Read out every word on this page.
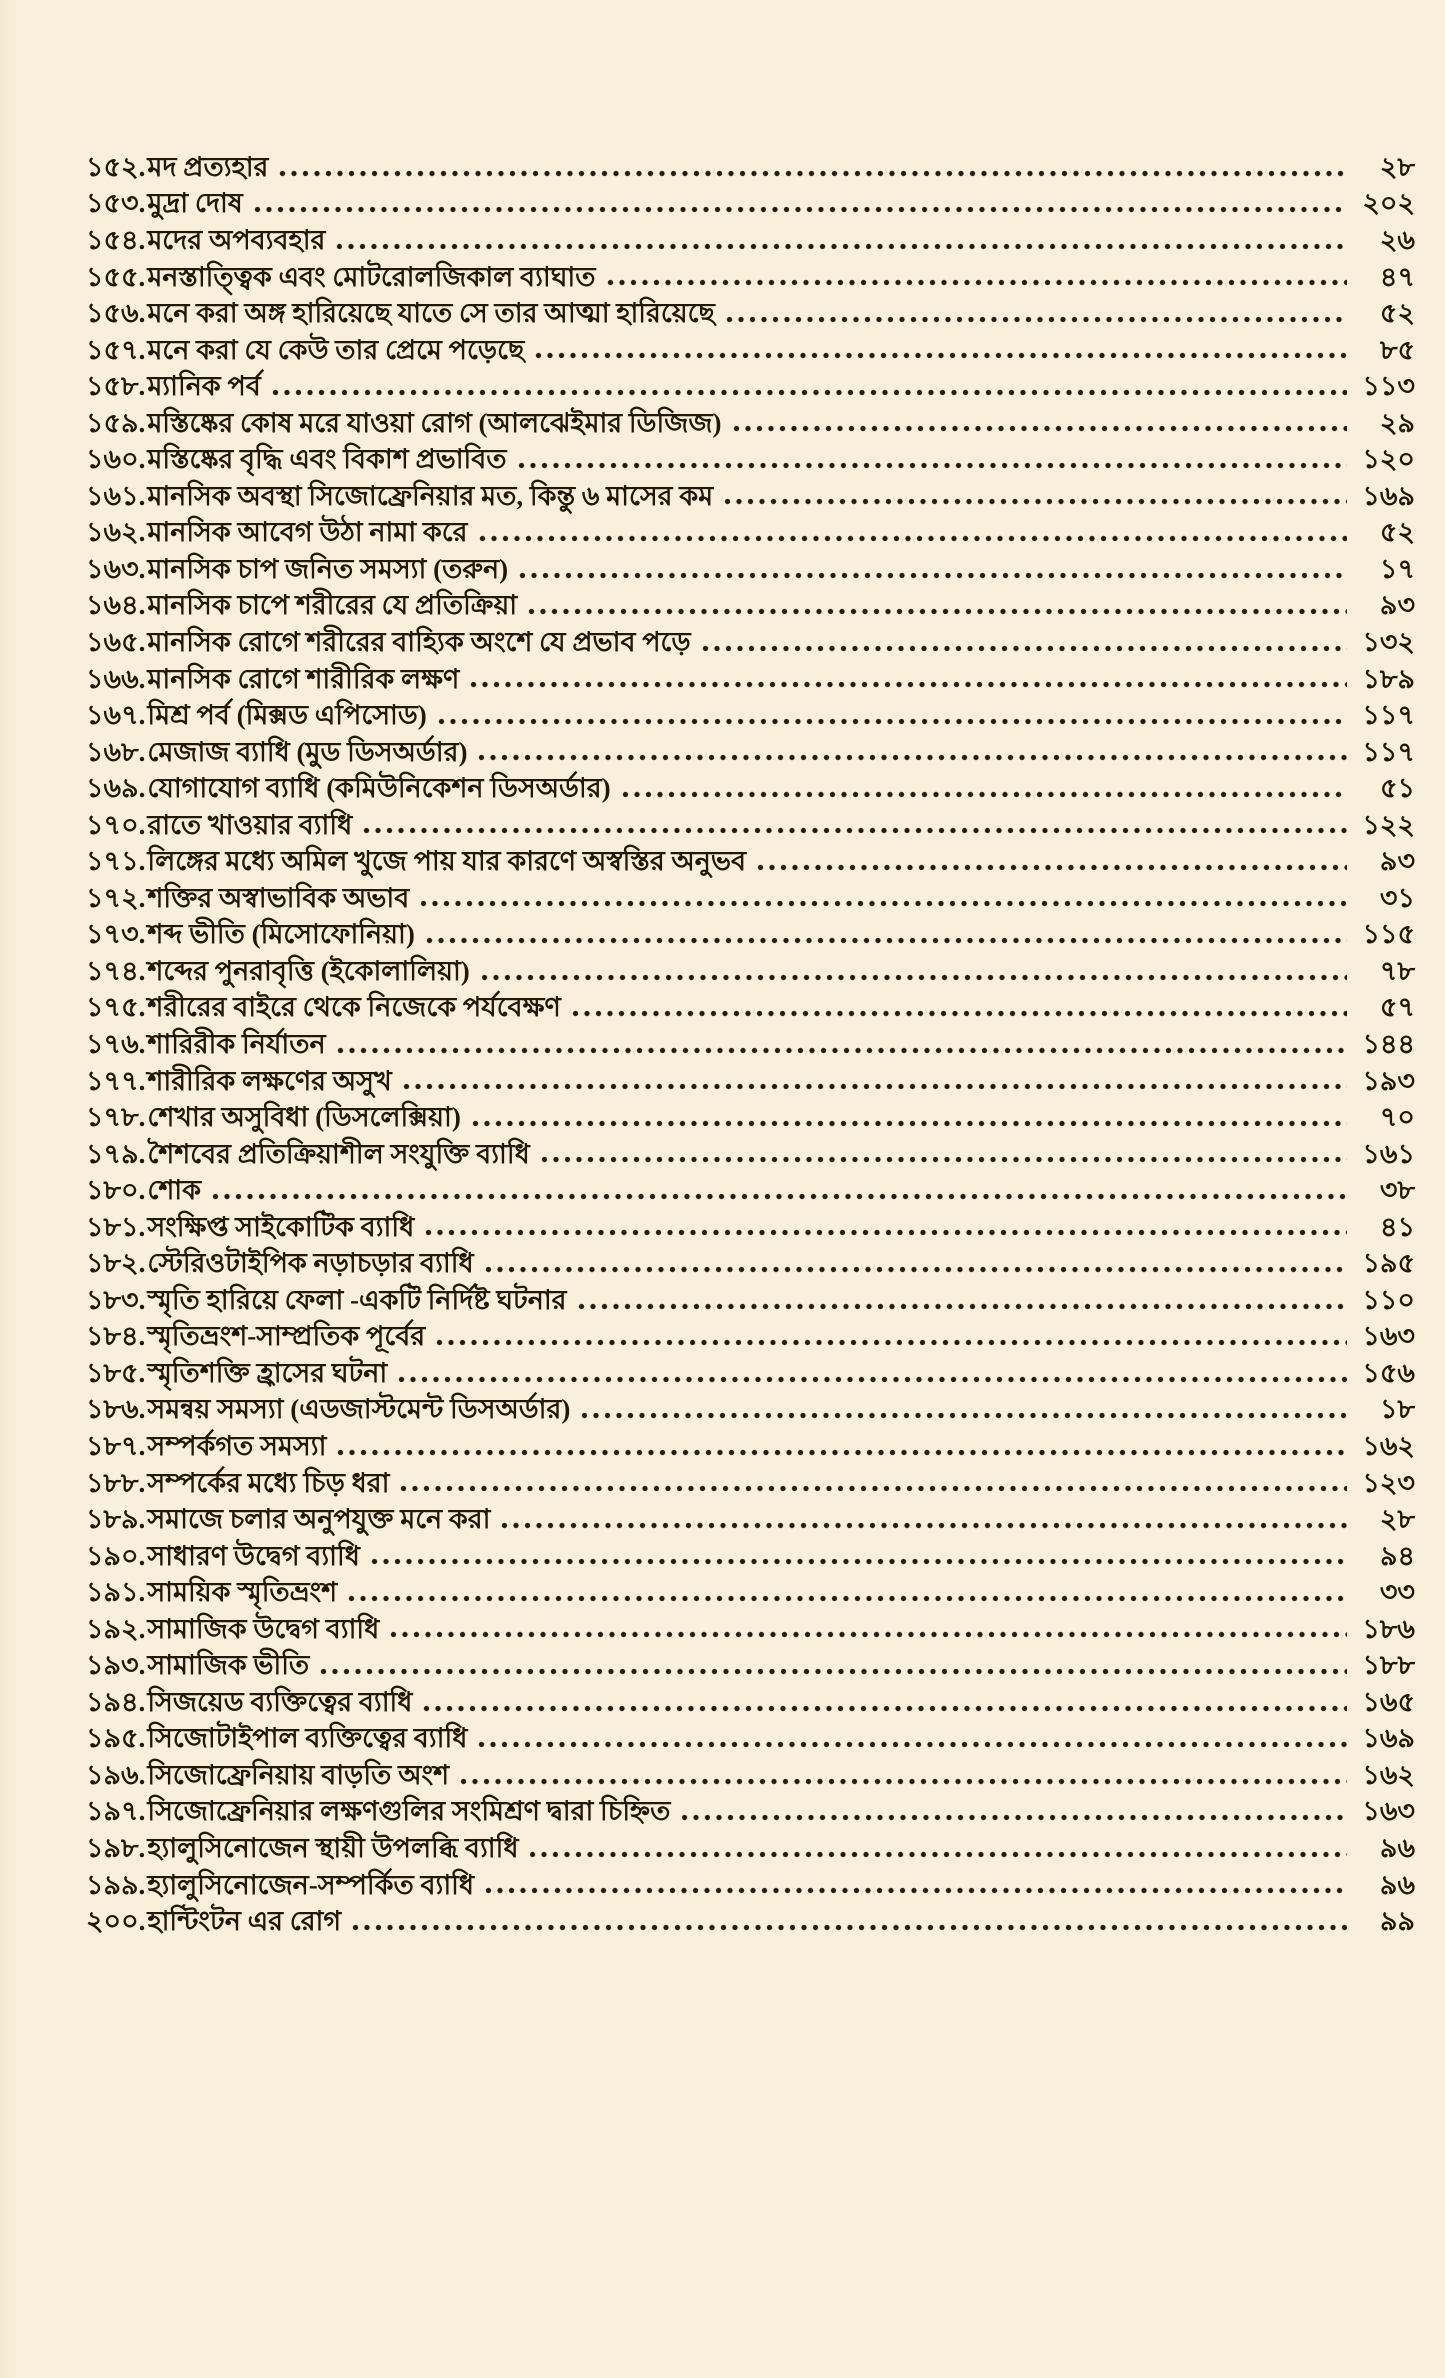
১৫২. মদ প্রত্যহার	২৮
১৫৩. মুদ্রা দোষ	২০২
১৫৪. মদের অপব্যবহার	২৬
১৫৫. মনস্তাত্ত্বিক এবং মোটরোলজিকাল ব্যাঘাত	৪৭
১৫৬. মনে করা অঙ্গ হারিয়েছে যাতে সে তার আত্মা হারিয়েছে	৫২
১৫৭. মনে করা যে কেউ তার প্রেমে পড়েছে	৮৫
১৫৮. ম্যানিক পর্ব	১১৩
১৫৯. মস্তিষ্কের কোষ মরে যাওয়া রোগ (আলঝেইমার ডিজিজ)	২৯
১৬০. মস্তিষ্কের বৃদ্ধি এবং বিকাশ প্রভাবিত	১২০
১৬১. মানসিক অবস্থা সিজোফ্রেনিয়ার মত, কিন্তু ৬ মাসের কম	১৬৯
১৬২. মানসিক আবেগ উঠা নামা করে	৫২
১৬৩. মানসিক চাপ জনিত সমস্যা (তরুন)	১৭
১৬৪. মানসিক চাপে শরীরের যে প্রতিক্রিয়া	৯৩
১৬৫. মানসিক রোগে শরীরের বাহ্যিক অংশে যে প্রভাব পড়ে	১৩২
১৬৬. মানসিক রোগে শারীরিক লক্ষণ	১৮৯
১৬৭. মিশ্র পর্ব (মিক্সড এপিসোড)	১১৭
১৬৮. মেজাজ ব্যাধি (মুড ডিসঅর্ডার)	১১৭
১৬৯. যোগাযোগ ব্যাধি (কমিউনিকেশন ডিসঅর্ডার)	৫১
১৭০. রাতে খাওয়ার ব্যাধি	১২২
১৭১. লিঙ্গের মধ্যে অমিল খুজে পায় যার কারণে অস্বস্তির অনুভব	৯৩
১৭২. শক্তির অস্বাভাবিক অভাব	৩১
১৭৩. শব্দ ভীতি (মিসোফোনিয়া)	১১৫
১৭৪. শব্দের পুনরাবৃত্তি (ইকোলালিয়া)	৭৮
১৭৫. শরীরের বাইরে থেকে নিজেকে পর্যবেক্ষণ	৫৭
১৭৬. শারিরীক নির্যাতন	১৪৪
১৭৭. শারীরিক লক্ষণের অসুখ	১৯৩
১৭৮. শেখার অসুবিধা (ডিসলেক্সিয়া)	৭০
১৭৯. শৈশবের প্রতিক্রিয়াশীল সংযুক্তি ব্যাধি	১৬১
১৮০. শোক	৩৮
১৮১. সংক্ষিপ্ত সাইকোটিক ব্যাধি	৪১
১৮২. স্টেরিওটাইপিক নড়াচড়ার ব্যাধি	১৯৫
১৮৩. স্মৃতি হারিয়ে ফেলা -একটি নির্দিষ্ট ঘটনার	১১০
১৮৪. স্মৃতিভ্রংশ-সাম্প্রতিক পূর্বের	১৬৩
১৮৫. স্মৃতিশক্তি হ্রাসের ঘটনা	১৫৬
১৮৬. সমন্বয় সমস্যা (এডজাস্টমেন্ট ডিসঅর্ডার)	১৮
১৮৭. সম্পর্কগত সমস্যা	১৬২
১৮৮. সম্পর্কের মধ্যে চিড় ধরা	১২৩
১৮৯. সমাজে চলার অনুপযুক্ত মনে করা	২৮
১৯০. সাধারণ উদ্বেগ ব্যাধি	৯৪
১৯১. সাময়িক স্মৃতিভ্রংশ	৩৩
১৯২. সামাজিক উদ্বেগ ব্যাধি	১৮৬
১৯৩. সামাজিক ভীতি	১৮৮
১৯৪. সিজয়েড ব্যক্তিত্বের ব্যাধি	১৬৫
১৯৫. সিজোটাইপাল ব্যক্তিত্বের ব্যাধি	১৬৯
১৯৬. সিজোফ্রেনিয়ায় বাড়তি অংশ	১৬২
১৯৭. সিজোফ্রেনিয়ার লক্ষণগুলির সংমিশ্রণ দ্বারা চিহ্নিত	১৬৩
১৯৮. হ্যালুসিনোজেন স্থায়ী উপলব্ধি ব্যাধি	৯৬
১৯৯. হ্যালুসিনোজেন-সম্পর্কিত ব্যাধি	৯৬
২০০. হান্টিংটন এর রোগ	৯৯
